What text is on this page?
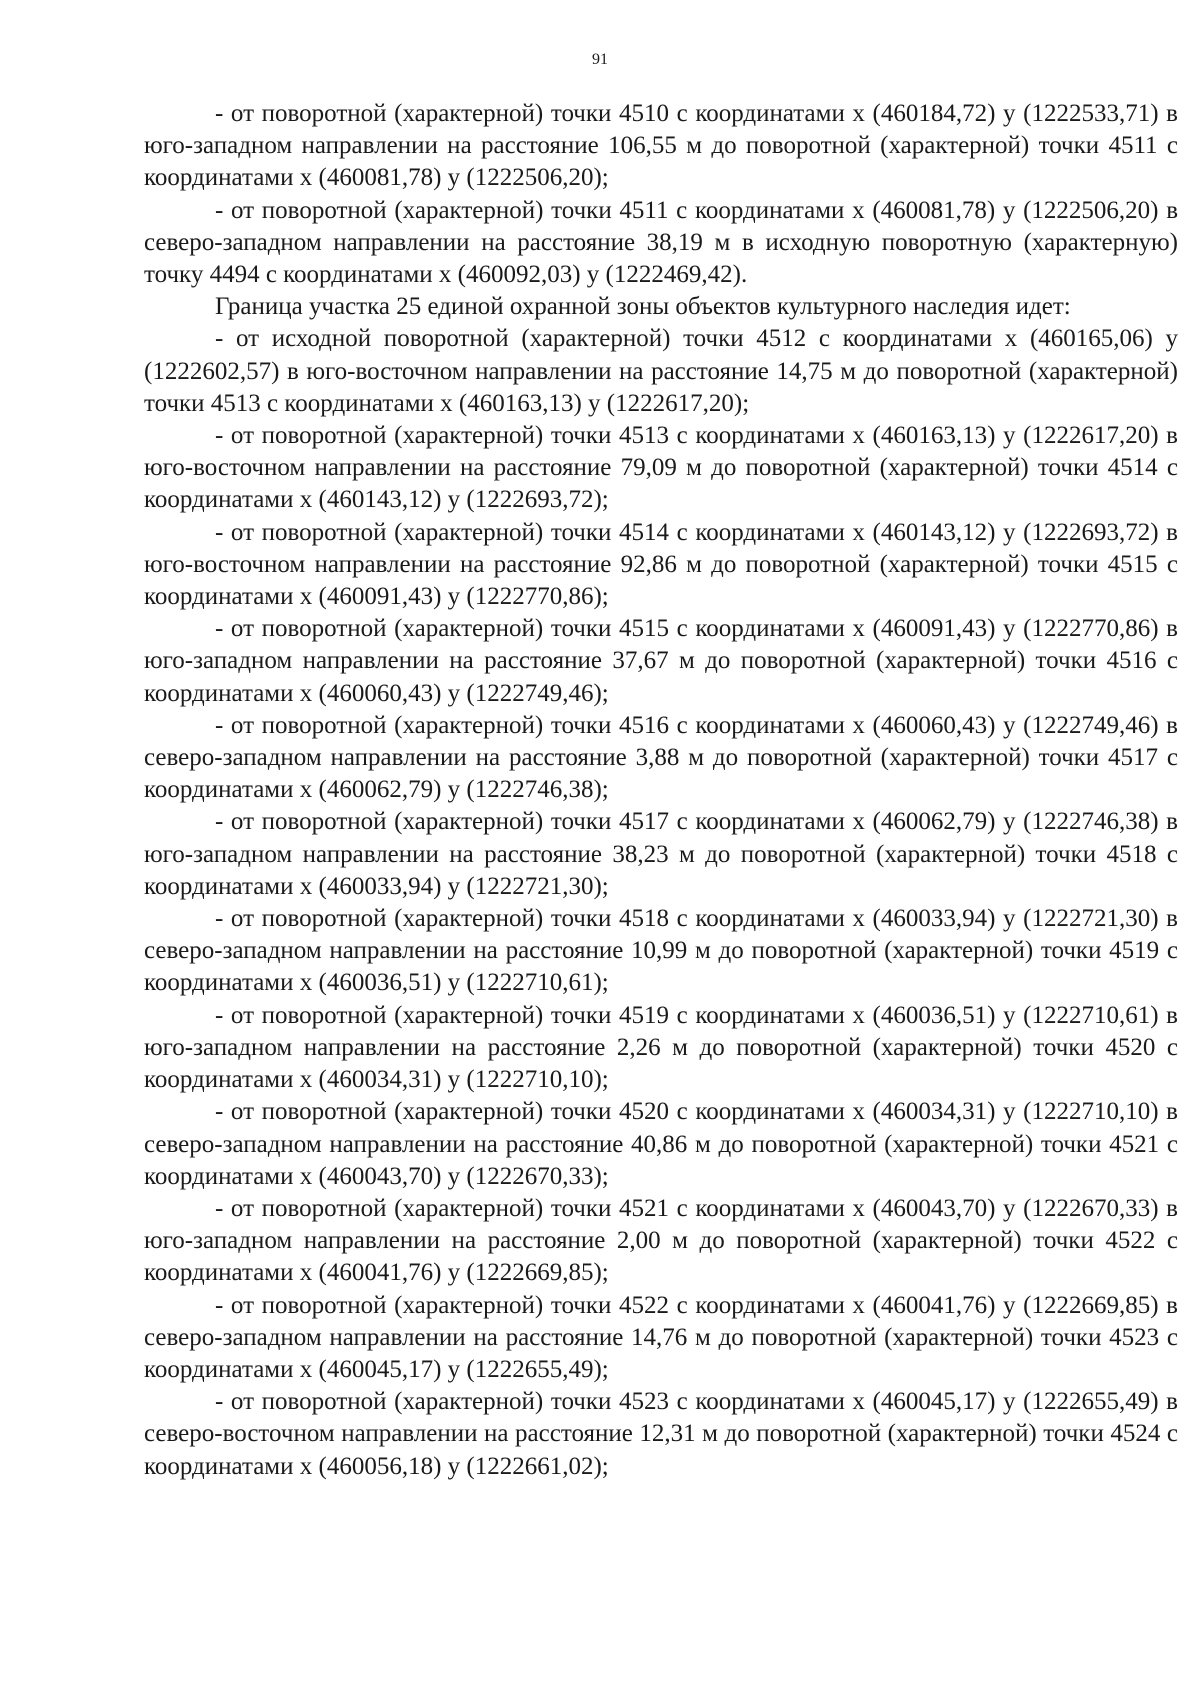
91

- от поворотной (характерной) точки 4510 с координатами x (460184,72) y (1222533,71) в юго-западном направлении на расстояние 106,55 м до поворотной (характерной) точки 4511 с координатами x (460081,78) y (1222506,20);

- от поворотной (характерной) точки 4511 с координатами x (460081,78) y (1222506,20) в северо-западном направлении на расстояние 38,19 м в исходную поворотную (характерную) точку 4494 с координатами x (460092,03) y (1222469,42).

Граница участка 25 единой охранной зоны объектов культурного наследия идет:

- от исходной поворотной (характерной) точки 4512 с координатами x (460165,06) y (1222602,57) в юго-восточном направлении на расстояние 14,75 м до поворотной (характерной) точки 4513 с координатами x (460163,13) y (1222617,20);

- от поворотной (характерной) точки 4513 с координатами x (460163,13) y (1222617,20) в юго-восточном направлении на расстояние 79,09 м до поворотной (характерной) точки 4514 с координатами x (460143,12) y (1222693,72);

- от поворотной (характерной) точки 4514 с координатами x (460143,12) y (1222693,72) в юго-восточном направлении на расстояние 92,86 м до поворотной (характерной) точки 4515 с координатами x (460091,43) y (1222770,86);

- от поворотной (характерной) точки 4515 с координатами x (460091,43) y (1222770,86) в юго-западном направлении на расстояние 37,67 м до поворотной (характерной) точки 4516 с координатами x (460060,43) y (1222749,46);

- от поворотной (характерной) точки 4516 с координатами x (460060,43) y (1222749,46) в северо-западном направлении на расстояние 3,88 м до поворотной (характерной) точки 4517 с координатами x (460062,79) y (1222746,38);

- от поворотной (характерной) точки 4517 с координатами x (460062,79) y (1222746,38) в юго-западном направлении на расстояние 38,23 м до поворотной (характерной) точки 4518 с координатами x (460033,94) y (1222721,30);

- от поворотной (характерной) точки 4518 с координатами x (460033,94) y (1222721,30) в северо-западном направлении на расстояние 10,99 м до поворотной (характерной) точки 4519 с координатами x (460036,51) y (1222710,61);

- от поворотной (характерной) точки 4519 с координатами x (460036,51) y (1222710,61) в юго-западном направлении на расстояние 2,26 м до поворотной (характерной) точки 4520 с координатами x (460034,31) y (1222710,10);

- от поворотной (характерной) точки 4520 с координатами x (460034,31) y (1222710,10) в северо-западном направлении на расстояние 40,86 м до поворотной (характерной) точки 4521 с координатами x (460043,70) y (1222670,33);

- от поворотной (характерной) точки 4521 с координатами x (460043,70) y (1222670,33) в юго-западном направлении на расстояние 2,00 м до поворотной (характерной) точки 4522 с координатами x (460041,76) y (1222669,85);

- от поворотной (характерной) точки 4522 с координатами x (460041,76) y (1222669,85) в северо-западном направлении на расстояние 14,76 м до поворотной (характерной) точки 4523 с координатами x (460045,17) y (1222655,49);

- от поворотной (характерной) точки 4523 с координатами x (460045,17) y (1222655,49) в северо-восточном направлении на расстояние 12,31 м до поворотной (характерной) точки 4524 с координатами x (460056,18) y (1222661,02);
